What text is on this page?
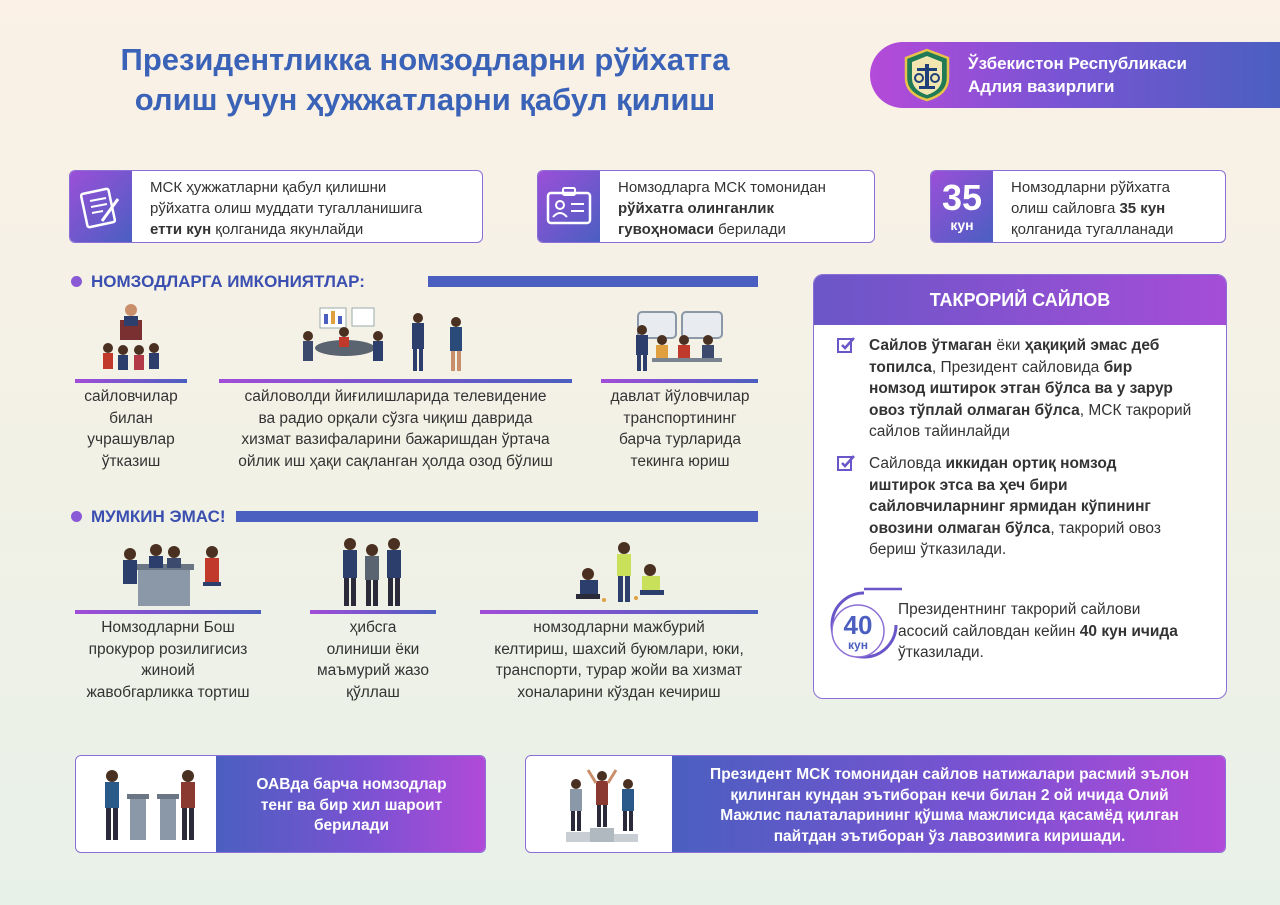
Президентликка номзодларни рўйхатга
олиш учун ҳужжатларни қабул қилиш
Ўзбекистон Республикаси
Адлия вазирлиги
МСК ҳужжатларни қабул қилишни
рўйхатга олиш муддати тугалланишига
етти кун қолганида якунлайди
Номзодларга МСК томонидан
рўйхатга олинганлик
гувоҳномаси берилади
35
кун
Номзодларни рўйхатга
олиш сайловга 35 кун
қолганида тугалланади
НОМЗОДЛАРГА ИМКОНИЯТЛАР:
сайловчилар
билан
учрашувлар
ўтказиш
сайловолди йиғилишларида телевидение
ва радио орқали сўзга чиқиш даврида
хизмат вазифаларини бажаришдан ўртача
ойлик иш ҳақи сақланган ҳолда озод бўлиш
давлат йўловчилар
транспортининг
барча турларида
текинга юриш
МУМКИН ЭМАС!
Номзодларни Бош
прокурор розилигисиз
жиноий
жавобгарликка тортиш
ҳибсга
олиниши ёки
маъмурий жазо
қўллаш
номзодларни мажбурий
келтириш, шахсий буюмлари, юки,
транспорти, турар жойи ва хизмат
хоналарини кўздан кечириш
ТАКРОРИЙ САЙЛОВ
Сайлов ўтмаган ёки ҳақиқий эмас деб
топилса, Президент сайловида бир
номзод иштирок этган бўлса ва у зарур
овоз тўплай олмаган бўлса, МСК такрорий
сайлов тайинлайди
Сайловда иккидан ортиқ номзод
иштирок этса ва ҳеч бири
сайловчиларнинг ярмидан кўпининг
овозини олмаган бўлса, такрорий овоз
бериш ўтказилади.
40
кун
Президентнинг такрорий сайлови
асосий сайловдан кейин 40 кун ичида
ўтказилади.
ОАВда барча номзодлар
тенг ва бир хил шароит
берилади
Президент МСК томонидан сайлов натижалари расмий эълон
қилинган кундан эътиборан кечи билан 2 ой ичида Олий
Мажлис палаталарининг қўшма мажлисида қасамёд қилган
пайтдан эътиборан ўз лавозимига киришади.
